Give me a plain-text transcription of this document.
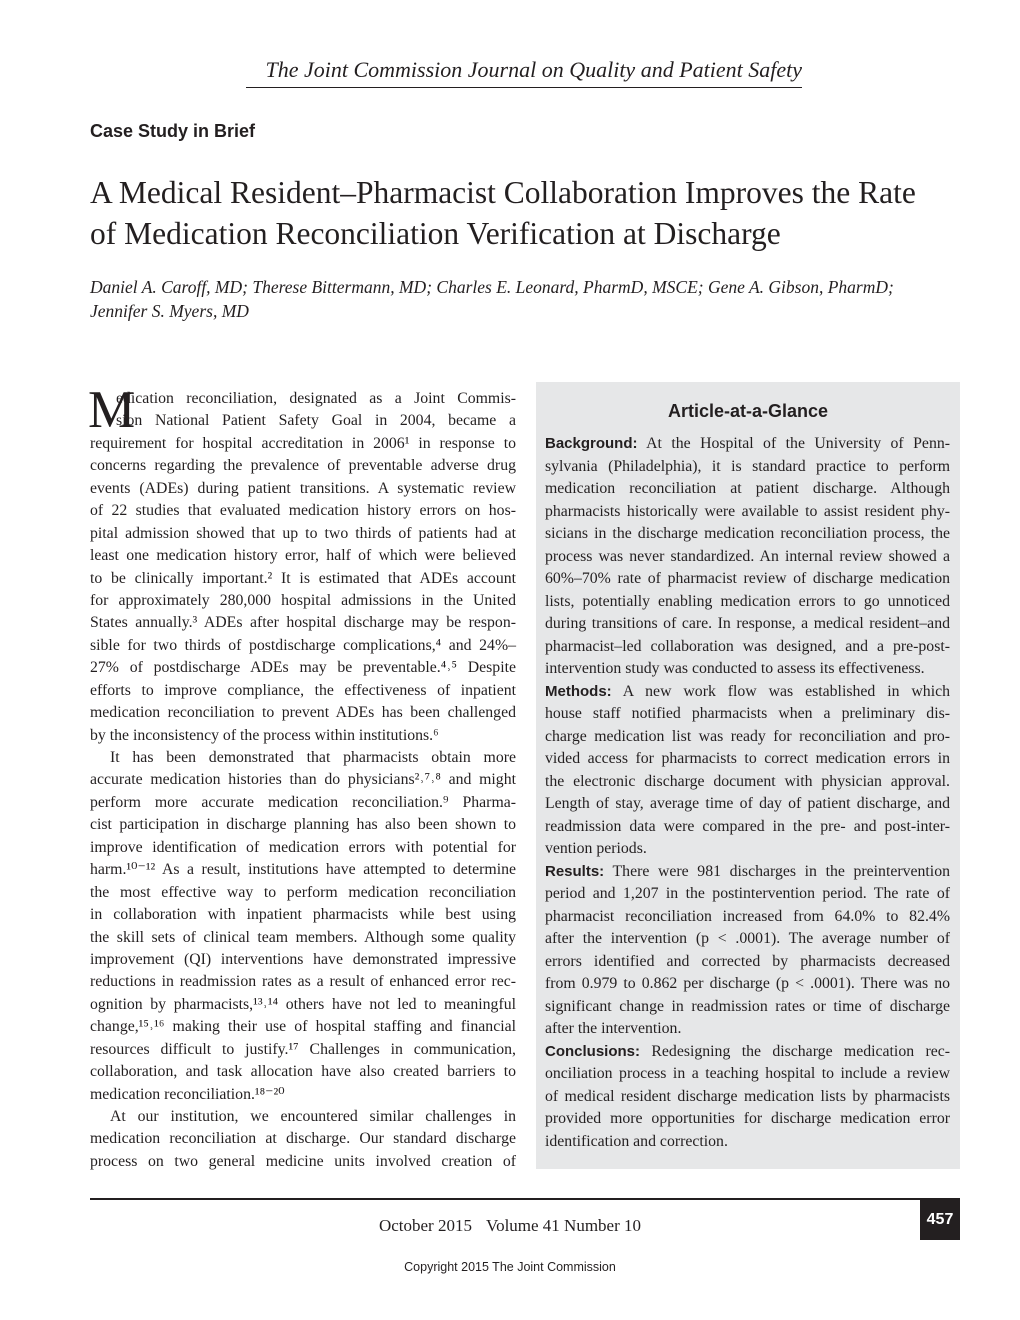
The Joint Commission Journal on Quality and Patient Safety
Case Study in Brief
A Medical Resident–Pharmacist Collaboration Improves the Rate
of Medication Reconciliation Verification at Discharge
Daniel A. Caroff, MD; Therese Bittermann, MD; Charles E. Leonard, PharmD, MSCE; Gene A. Gibson, PharmD;
Jennifer S. Myers, MD
M
edication reconciliation, designated as a Joint Commis-
sion National Patient Safety Goal in 2004, became a
requirement for hospital accreditation in 2006¹ in response to
concerns regarding the prevalence of preventable adverse drug
events (ADEs) during patient transitions. A systematic review
of 22 studies that evaluated medication history errors on hos-
pital admission showed that up to two thirds of patients had at
least one medication history error, half of which were believed
to be clinically important.² It is estimated that ADEs account
for approximately 280,000 hospital admissions in the United
States annually.³ ADEs after hospital discharge may be respon-
sible for two thirds of postdischarge complications,⁴ and 24%–
27% of postdischarge ADEs may be preventable.⁴˒⁵ Despite
efforts to improve compliance, the effectiveness of inpatient
medication reconciliation to prevent ADEs has been challenged
by the inconsistency of the process within institutions.⁶
It has been demonstrated that pharmacists obtain more
accurate medication histories than do physicians²˒⁷˒⁸ and might
perform more accurate medication reconciliation.⁹ Pharma-
cist participation in discharge planning has also been shown to
improve identification of medication errors with potential for
harm.¹⁰⁻¹² As a result, institutions have attempted to determine
the most effective way to perform medication reconciliation
in collaboration with inpatient pharmacists while best using
the skill sets of clinical team members. Although some quality
improvement (QI) interventions have demonstrated impressive
reductions in readmission rates as a result of enhanced error rec-
ognition by pharmacists,¹³˒¹⁴ others have not led to meaningful
change,¹⁵˒¹⁶ making their use of hospital staffing and financial
resources difficult to justify.¹⁷ Challenges in communication,
collaboration, and task allocation have also created barriers to
medication reconciliation.¹⁸⁻²⁰
At our institution, we encountered similar challenges in
medication reconciliation at discharge. Our standard discharge
process on two general medicine units involved creation of
Article-at-a-Glance
Background: At the Hospital of the University of Penn-
sylvania (Philadelphia), it is standard practice to perform
medication reconciliation at patient discharge. Although
pharmacists historically were available to assist resident phy-
sicians in the discharge medication reconciliation process, the
process was never standardized. An internal review showed a
60%–70% rate of pharmacist review of discharge medication
lists, potentially enabling medication errors to go unnoticed
during transitions of care. In response, a medical resident–and
pharmacist–led collaboration was designed, and a pre-post-
intervention study was conducted to assess its effectiveness.
Methods: A new work flow was established in which
house staff notified pharmacists when a preliminary dis-
charge medication list was ready for reconciliation and pro-
vided access for pharmacists to correct medication errors in
the electronic discharge document with physician approval.
Length of stay, average time of day of patient discharge, and
readmission data were compared in the pre- and post-inter-
vention periods.
Results: There were 981 discharges in the preintervention
period and 1,207 in the postintervention period. The rate of
pharmacist reconciliation increased from 64.0% to 82.4%
after the intervention (p < .0001). The average number of
errors identified and corrected by pharmacists decreased
from 0.979 to 0.862 per discharge (p < .0001). There was no
significant change in readmission rates or time of discharge
after the intervention.
Conclusions: Redesigning the discharge medication rec-
onciliation process in a teaching hospital to include a review
of medical resident discharge medication lists by pharmacists
provided more opportunities for discharge medication error
identification and correction.
October 2015 Volume 41 Number 10	457
Copyright 2015 The Joint Commission
